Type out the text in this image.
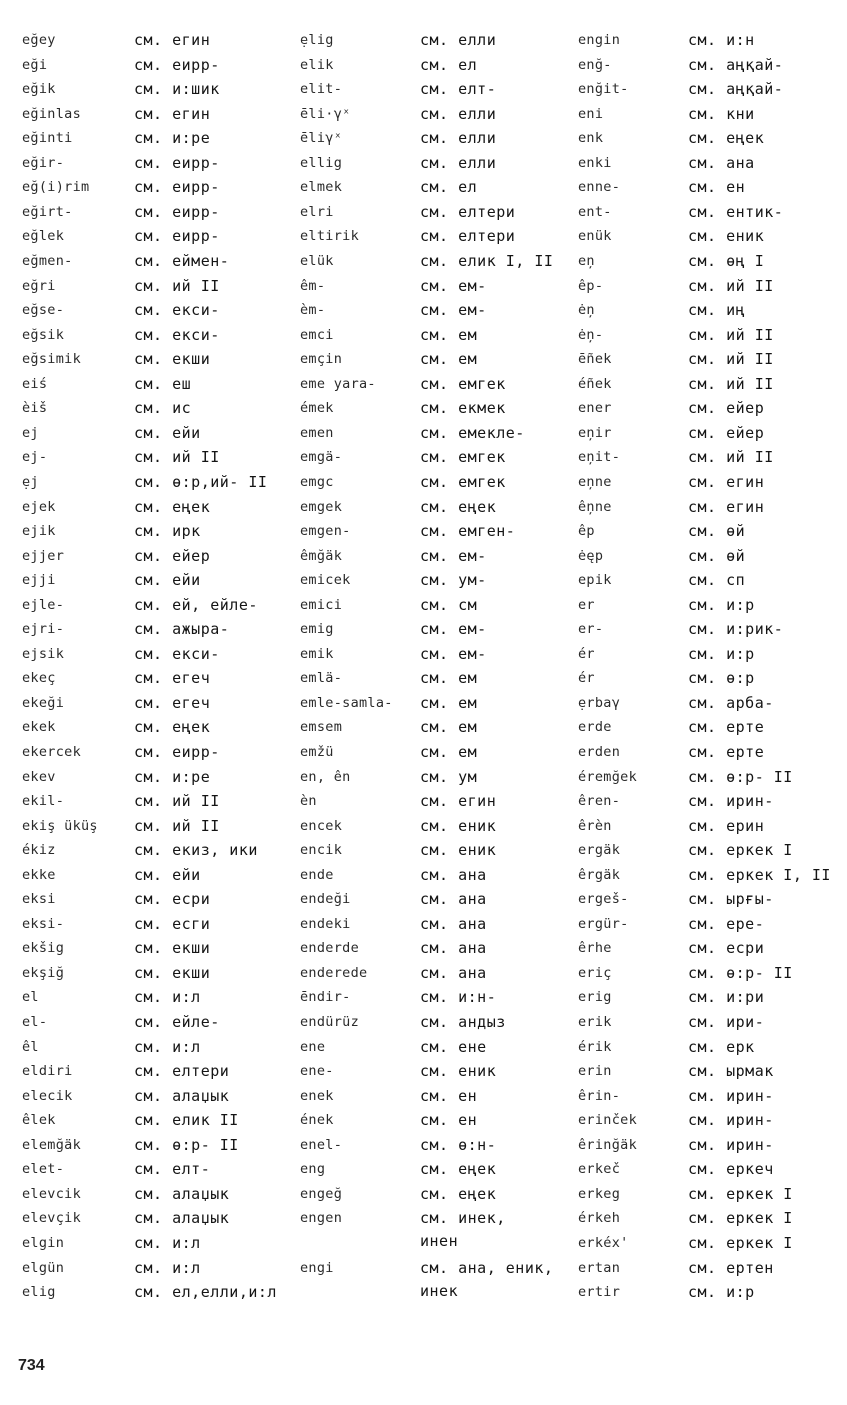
eğey	см. егин
eği	см. еирр-
eğik	см. и:шик
eğinlas	см. егин
eğinti	см. и:ре
eğir-	см. еирр-
eğ(i)rim	см. еирр-
eğirt-	см. еирр-
eğlek	см. еирр-
eğmen-	см. еймен-
eğri	см. ий II
eğse-	см. екси-
eğsik	см. екси-
eğsimik	см. екши
eiś	см. еш
èiš	см. ис
ej	см. ейи
ej-	см. ий II
ẹj	см. ө:р,ий- II
ejek	см. еңек
ejik	см. ирк
ejjer	см. ейер
ejji	см. ейи
ejle-	см. ей, ейле-
ejri-	см. ажыра-
ejsik	см. екси-
ekeç	см. егеч
ekeği	см. егеч
ekek	см. еңек
ekercek	см. еирр-
ekev	см. и:ре
ekil-	см. ий II
ekiş üküş см. ий II
ékiz	см. екиз, ики
ekke	см. ейи
eksi	см. есри
eksi-	см. есги
ekšig	см. екши
ekşiğ	см. екши
el	см. и:л
el-	см. ейле-
êl	см. и:л
eldiri	см. елтери
elecik	см. алаџык
êlek	см. елик II
elemğäk	см. ө:р- II
elet-	см. елт-
elevcik	см. алаџык
elevçik	см. алаџык
elgin	см. и:л
elgün	см. и:л
elig	см. ел,елли,и:л
ẹlig	см. елли
elik	см. ел
elit-	см. елт-
ēli·γˣ	см. елли
ēliγˣ	см. елли
ellig	см. елли
elmek	см. ел
elri	см. елтери
eltirik	см. елтери
elük	см. елик I, II
êm-	см. ем-
èm-	см. ем-
emci	см. ем
emçin	см. ем
eme yara-	см. емгек
émek	см. екмек
emen	см. емекле-
emgä-	см. емгек
emgc	см. емгек
emgek	см. еңек
emgen-	см. емген-
êmğäk	см. ем-
emicek	см. ум-
emici	см. см
emig	см. ем-
emik	см. ем-
emlä-	см. ем
emle-samla- см. ем
emsem	см. ем
emžü	см. ем
en, ên	см. ум
èn	см. егин
encek	см. еник
encik	см. еник
ende	см. ана
endeği	см. ана
endeki	см. ана
enderde	см. ана
enderede	см. ана
ēndir-	см. и:н-
endürüz	см. андыз
ene	см. ене
ene-	см. еник
enek	см. ен
ének	см. ен
enel-	см. ө:н-
eng	см. еңек
engeğ	см. еңек
engen	см. инек,
инен
engi	см. ана, еник,
инек
engin	см. и:н
enğ-	см. аңқай-
enğit-	см. аңқай-
eni	см. кни
enk	см. еңек
enki	см. ана
enne-	см. ен
ent-	см. ентик-
enük	см. еник
eņ	см. өң I
êp-	см. ий II
ėņ	см. иң
ėņ-	см. ий II
ēñek	см. ий II
éñek	см. ий II
ener	см. ейер
eņir	см. ейер
eņit-	см. ий II
eņne	см. егин
êņne	см. егин
êp	см. өй
ėęp	см. өй
epik	см. сп
er	см. и:р
er-	см. и:рик-
ér	см. и:р
ér	см. ө:р
ẹrbaγ	см. арба-
erde	см. ерте
erden	см. ерте
éremğek	см. ө:р- II
êren-	см. ирин-
êrèn	см. ерин
ergäk	см. еркек I
êrgäk	см. еркек I, II
ergeš-	см. ырғы-
ergür-	см. ере-
êrhe	см. есри
eriç	см. ө:р- II
erig	см. и:ри
erik	см. ири-
érik	см. ерк
erin	см. ырмак
êrin-	см. ирин-
erinček	см. ирин-
êrinğäk	см. ирин-
erkeč	см. еркеч
erkeg	см. еркек I
érkeh	см. еркек I
erkéx'	см. еркек I
ertan	см. ертен
ertir	см. и:р
734
